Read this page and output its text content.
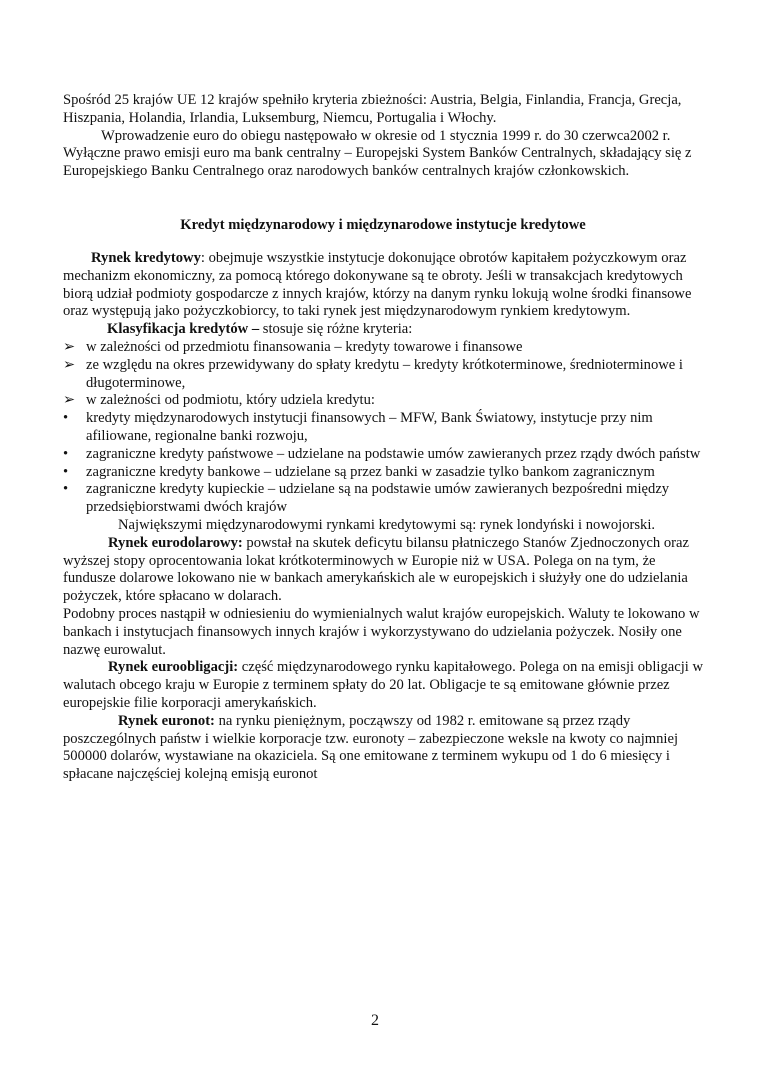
Spośród 25 krajów UE 12 krajów spełniło kryteria zbieżności: Austria, Belgia, Finlandia, Francja, Grecja, Hiszpania, Holandia, Irlandia, Luksemburg, Niemcu, Portugalia i Włochy.

Wprowadzenie euro do obiegu następowało w okresie od 1 stycznia 1999 r. do 30 czerwca2002 r. Wyłączne prawo emisji euro ma bank centralny – Europejski System Banków Centralnych, składający się z Europejskiego Banku Centralnego oraz narodowych banków centralnych krajów członkowskich.

Kredyt międzynarodowy i międzynarodowe instytucje kredytowe

Rynek kredytowy: obejmuje wszystkie instytucje dokonujące obrotów kapitałem pożyczkowym oraz mechanizm ekonomiczny, za pomocą którego dokonywane są te obroty. Jeśli w transakcjach kredytowych biorą udział podmioty gospodarcze z innych krajów, którzy na danym rynku lokują wolne środki finansowe oraz występują jako pożyczkobiorcy, to taki rynek jest międzynarodowym rynkiem kredytowym.

Klasyfikacja kredytów – stosuje się różne kryteria:

➢ w zależności od przedmiotu finansowania – kredyty towarowe i finansowe
➢ ze względu na okres przewidywany do spłaty kredytu – kredyty krótkoterminowe, średnioterminowe i długoterminowe,
➢ w zależności od podmiotu, który udziela kredytu:
•	kredyty międzynarodowych instytucji finansowych – MFW, Bank Światowy, instytucje przy nim afiliowane, regionalne banki rozwoju,
•	zagraniczne kredyty państwowe – udzielane na podstawie umów zawieranych przez rządy dwóch państw
•	zagraniczne kredyty bankowe – udzielane są przez banki w zasadzie tylko bankom zagranicznym
•	zagraniczne kredyty kupieckie – udzielane są na podstawie umów zawieranych bezpośredni między przedsiębiorstwami dwóch krajów

Największymi międzynarodowymi rynkami kredytowymi są: rynek londyński i nowojorski.

Rynek eurodolarowy: powstał na skutek deficytu bilansu płatniczego Stanów Zjednoczonych oraz wyższej stopy oprocentowania lokat krótkoterminowych w Europie niż w USA. Polega on na tym, że fundusze dolarowe lokowano nie w bankach amerykańskich ale w europejskich i służyły one do udzielania pożyczek, które spłacano w dolarach.

Podobny proces nastąpił w odniesieniu do wymienialnych walut krajów europejskich. Waluty te lokowano w bankach i instytucjach finansowych innych krajów i wykorzystywano do udzielania pożyczek. Nosiły one nazwę eurowalut.

Rynek euroobligacji: część międzynarodowego rynku kapitałowego. Polega on na emisji obligacji w walutach obcego kraju w Europie z terminem spłaty do 20 lat. Obligacje te są emitowane głównie przez europejskie filie korporacji amerykańskich.

Rynek euronot: na rynku pieniężnym, począwszy od 1982 r. emitowane są przez rządy poszczególnych państw i wielkie korporacje tzw. euronoty – zabezpieczone weksle na kwoty co najmniej 500000 dolarów, wystawiane na okaziciela. Są one emitowane z terminem wykupu od 1 do 6 miesięcy i spłacane najczęściej kolejną emisją euronot

2
